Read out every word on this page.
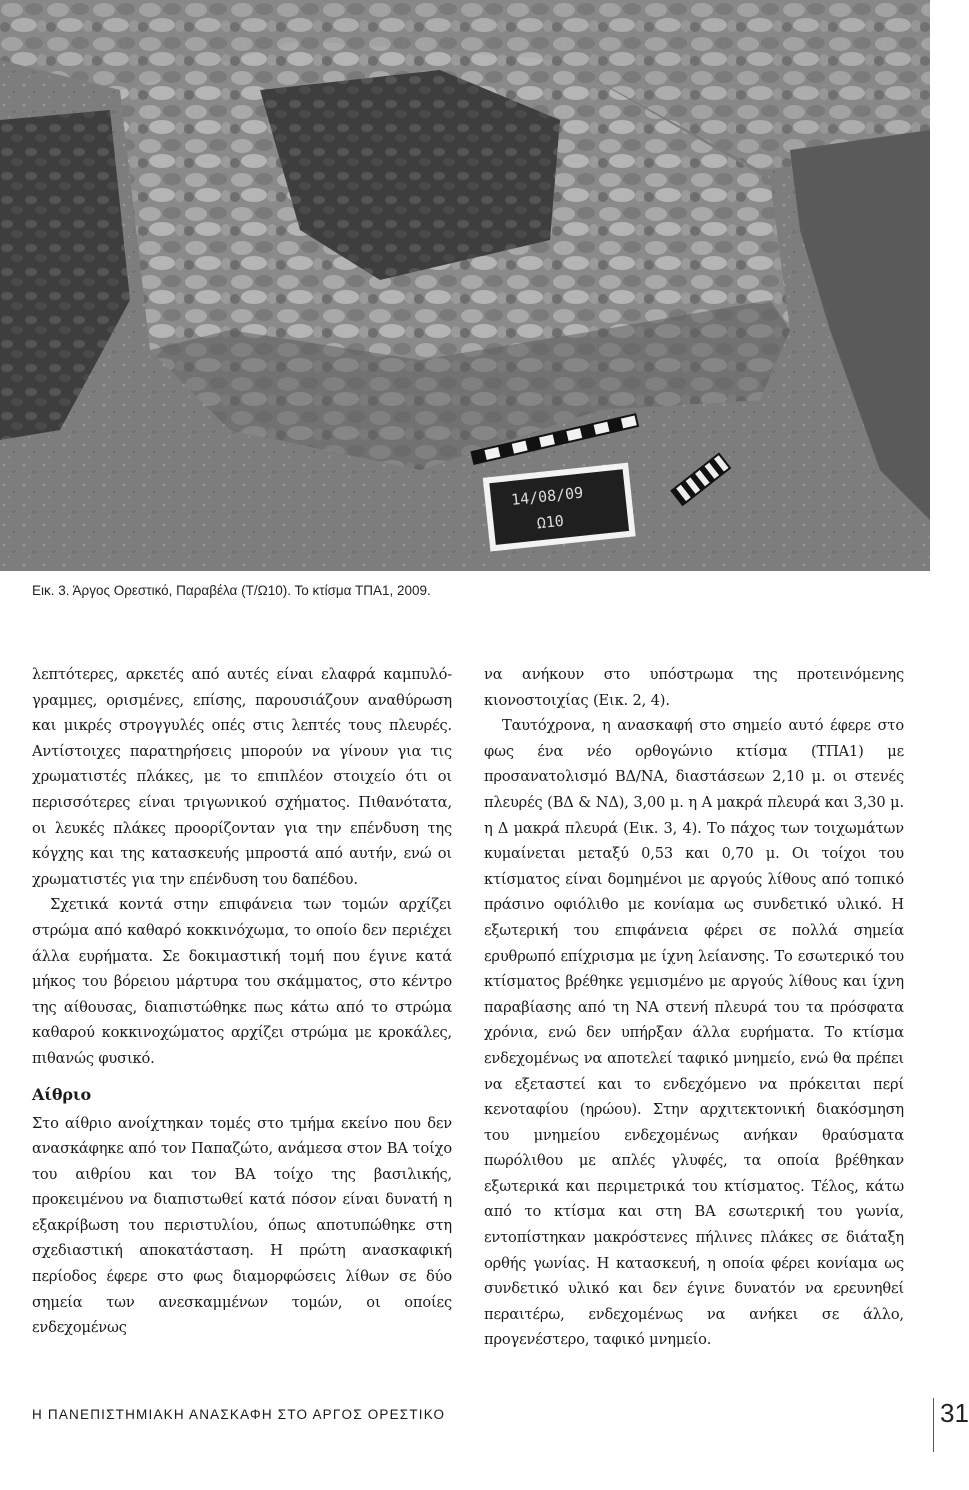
14/08/09
Ω10
Εικ. 3. Άργος Ορεστικό, Παραβέλα (Τ/Ω10). Το κτίσμα ΤΠΑ1, 2009.

λεπτότερες, αρκετές από αυτές είναι ελαφρά καμπυλό-γραμμες, ορισμένες, επίσης, παρουσιάζουν αναθύρωση και μικρές στρογγυλές οπές στις λεπτές τους πλευρές. Αντίστοιχες παρατηρήσεις μπορούν να γίνουν για τις χρωματιστές πλάκες, με το επιπλέον στοιχείο ότι οι περισσότερες είναι τριγωνικού σχήματος. Πιθανότατα, οι λευκές πλάκες προορίζονταν για την επένδυση της κόγχης και της κατασκευής μπροστά από αυτήν, ενώ οι χρωματιστές για την επένδυση του δαπέδου.

Σχετικά κοντά στην επιφάνεια των τομών αρχίζει στρώμα από καθαρό κοκκινόχωμα, το οποίο δεν περιέχει άλλα ευρήματα. Σε δοκιμαστική τομή που έγινε κατά μήκος του βόρειου μάρτυρα του σκάμματος, στο κέντρο της αίθουσας, διαπιστώθηκε πως κάτω από το στρώμα καθαρού κοκκινοχώματος αρχίζει στρώμα με κροκάλες, πιθανώς φυσικό.

Αίθριο

Στο αίθριο ανοίχτηκαν τομές στο τμήμα εκείνο που δεν ανασκάφηκε από τον Παπαζώτο, ανάμεσα στον ΒΑ τοίχο του αιθρίου και τον ΒΑ τοίχο της βασιλικής, προκειμένου να διαπιστωθεί κατά πόσον είναι δυνατή η εξακρίβωση του περιστυλίου, όπως αποτυπώθηκε στη σχεδιαστική αποκατάσταση. Η πρώτη ανασκαφική περίοδος έφερε στο φως διαμορφώσεις λίθων σε δύο σημεία των ανεσκαμμένων τομών, οι οποίες ενδεχομένως

να ανήκουν στο υπόστρωμα της προτεινόμενης κιονοστοιχίας (Εικ. 2, 4).

Ταυτόχρονα, η ανασκαφή στο σημείο αυτό έφερε στο φως ένα νέο ορθογώνιο κτίσμα (ΤΠΑ1) με προσανατολισμό ΒΔ/ΝΑ, διαστάσεων 2,10 μ. οι στενές πλευρές (ΒΔ & ΝΔ), 3,00 μ. η Α μακρά πλευρά και 3,30 μ. η Δ μακρά πλευρά (Εικ. 3, 4). Το πάχος των τοιχωμάτων κυμαίνεται μεταξύ 0,53 και 0,70 μ. Οι τοίχοι του κτίσματος είναι δομημένοι με αργούς λίθους από τοπικό πράσινο οφιόλιθο με κονίαμα ως συνδετικό υλικό. Η εξωτερική του επιφάνεια φέρει σε πολλά σημεία ερυθρωπό επίχρισμα με ίχνη λείανσης. Το εσωτερικό του κτίσματος βρέθηκε γεμισμένο με αργούς λίθους και ίχνη παραβίασης από τη ΝΑ στενή πλευρά του τα πρόσφατα χρόνια, ενώ δεν υπήρξαν άλλα ευρήματα. Το κτίσμα ενδεχομένως να αποτελεί ταφικό μνημείο, ενώ θα πρέπει να εξεταστεί και το ενδεχόμενο να πρόκειται περί κενοταφίου (ηρώου). Στην αρχιτεκτονική διακόσμηση του μνημείου ενδεχομένως ανήκαν θραύσματα πωρόλιθου με απλές γλυφές, τα οποία βρέθηκαν εξωτερικά και περιμετρικά του κτίσματος. Τέλος, κάτω από το κτίσμα και στη ΒΑ εσωτερική του γωνία, εντοπίστηκαν μακρόστενες πήλινες πλάκες σε διάταξη ορθής γωνίας. Η κατασκευή, η οποία φέρει κονίαμα ως συνδετικό υλικό και δεν έγινε δυνατόν να ερευνηθεί περαιτέρω, ενδεχομένως να ανήκει σε άλλο, προγενέστερο, ταφικό μνημείο.

Η ΠΑΝΕΠΙΣΤΗΜΙΑΚΗ ΑΝΑΣΚΑΦΗ ΣΤΟ ΑΡΓΟΣ ΟΡΕΣΤΙΚΟ	31
